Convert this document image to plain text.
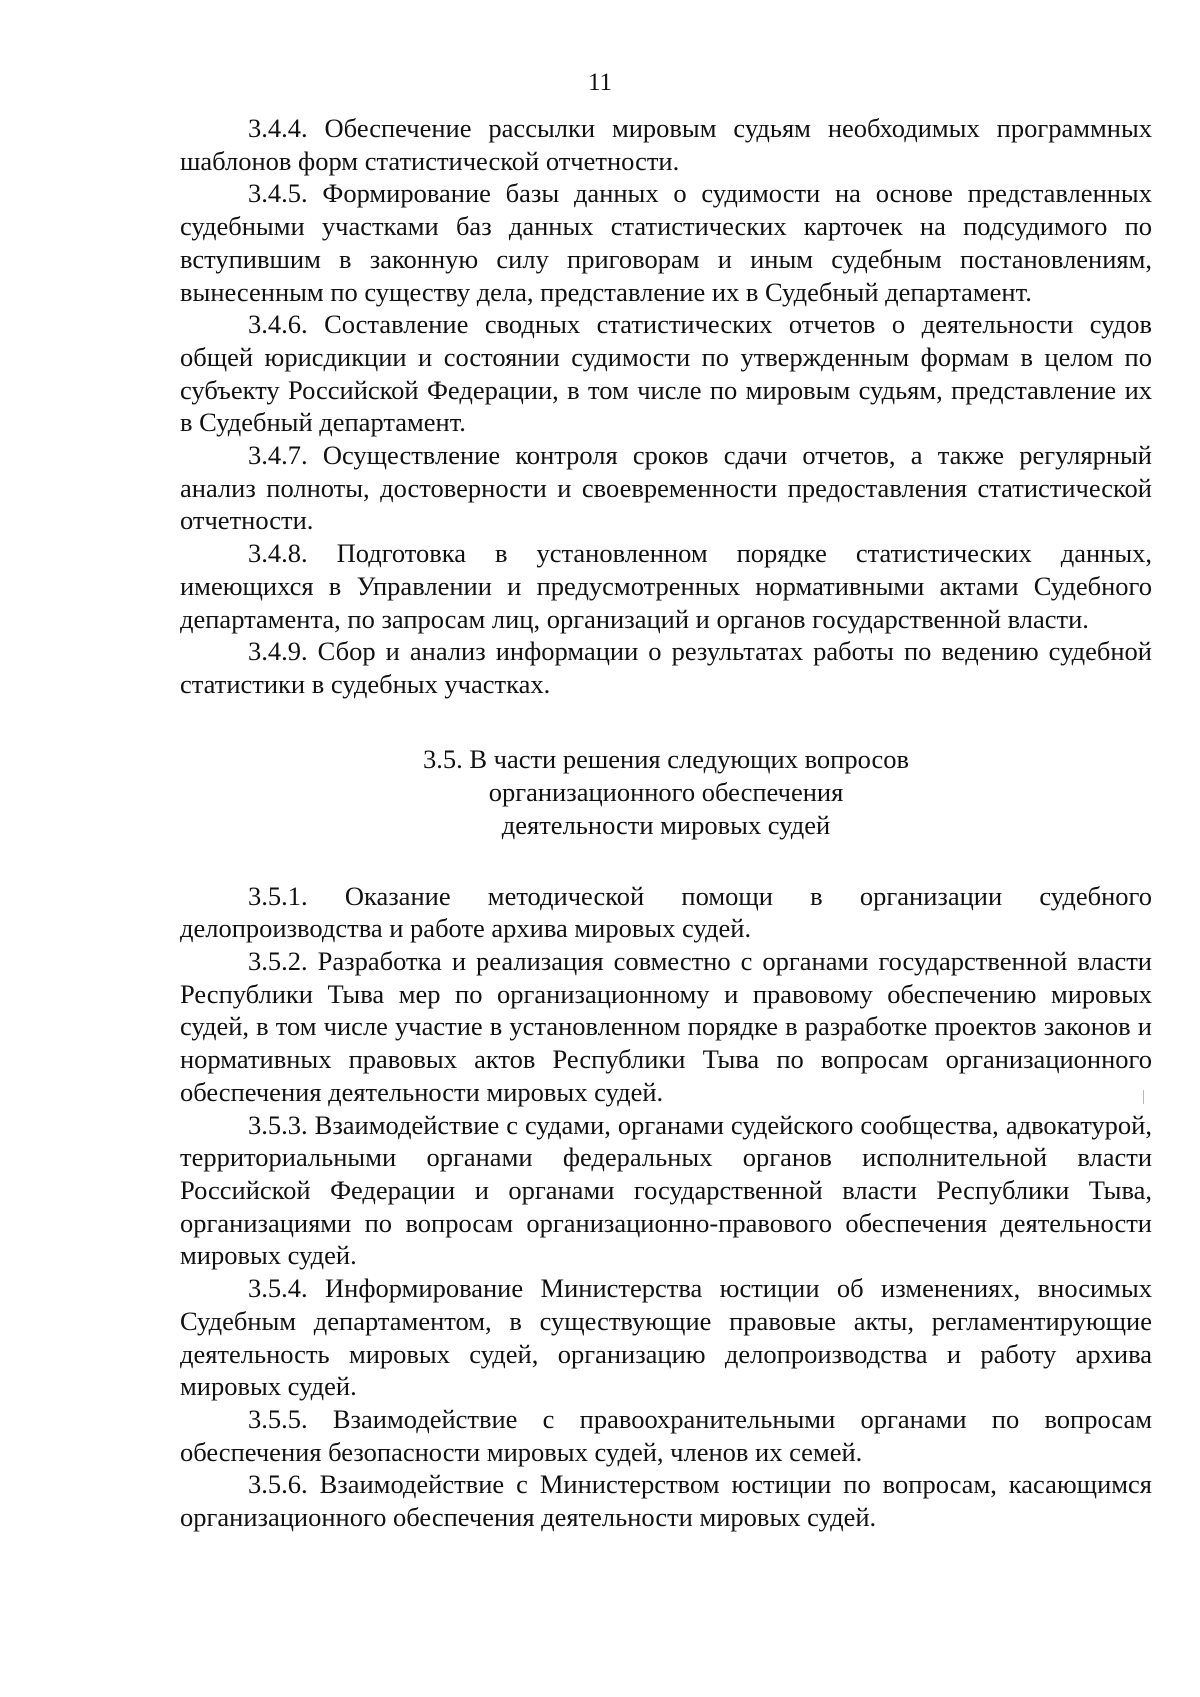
11

3.4.4. Обеспечение рассылки мировым судьям необходимых программных шаблонов форм статистической отчетности.

3.4.5. Формирование базы данных о судимости на основе представленных судебными участками баз данных статистических карточек на подсудимого по вступившим в законную силу приговорам и иным судебным постановлениям, вынесенным по существу дела, представление их в Судебный департамент.

3.4.6. Составление сводных статистических отчетов о деятельности судов общей юрисдикции и состоянии судимости по утвержденным формам в целом по субъекту Российской Федерации, в том числе по мировым судьям, представление их в Судебный департамент.

3.4.7. Осуществление контроля сроков сдачи отчетов, а также регулярный анализ полноты, достоверности и своевременности предоставления статистической отчетности.

3.4.8. Подготовка в установленном порядке статистических данных, имеющихся в Управлении и предусмотренных нормативными актами Судебного департамента, по запросам лиц, организаций и органов государственной власти.

3.4.9. Сбор и анализ информации о результатах работы по ведению судебной статистики в судебных участках.

3.5. В части решения следующих вопросов
организационного обеспечения
деятельности мировых судей

3.5.1. Оказание методической помощи в организации судебного делопроизводства и работе архива мировых судей.

3.5.2. Разработка и реализация совместно с органами государственной власти Республики Тыва мер по организационному и правовому обеспечению мировых судей, в том числе участие в установленном порядке в разработке проектов законов и нормативных правовых актов Республики Тыва по вопросам организационного обеспечения деятельности мировых судей.

3.5.3. Взаимодействие с судами, органами судейского сообщества, адвокатурой, территориальными органами федеральных органов исполнительной власти Российской Федерации и органами государственной власти Республики Тыва, организациями по вопросам организационно-правового обеспечения деятельности мировых судей.

3.5.4. Информирование Министерства юстиции об изменениях, вносимых Судебным департаментом, в существующие правовые акты, регламентирующие деятельность мировых судей, организацию делопроизводства и работу архива мировых судей.

3.5.5. Взаимодействие с правоохранительными органами по вопросам обеспечения безопасности мировых судей, членов их семей.

3.5.6. Взаимодействие с Министерством юстиции по вопросам, касающимся организационного обеспечения деятельности мировых судей.
